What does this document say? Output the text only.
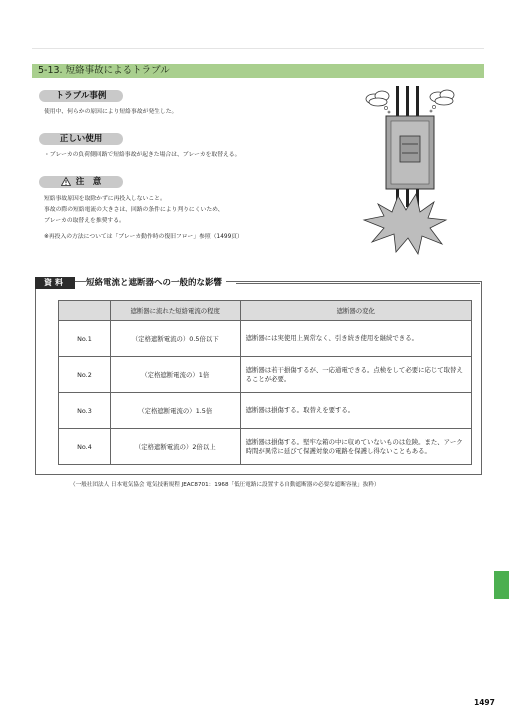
5-13. 短絡事故によるトラブル
トラブル事例
使用中、何らかの原因により短絡事故が発生した。
正しい使用
・ブレーカの負荷側回路で短絡事故が起きた場合は、ブレーカを取替える。
注　意
短絡事故原因を取除かずに再投入しないこと。
事故の際の短絡電流の大きさは、回路の条件により判りにくいため、
ブレーカの取替えを推奨する。
※再投入の方法については「ブレーカ動作時の復旧フロー」参照（1499頁）
資料	短絡電流と遮断器への一般的な影響
	遮断器に流れた短絡電流の程度	遮断器の変化
No.1	（定格遮断電流の）0.5倍以下	遮断器には実使用上異常なく、引き続き使用を継続できる。
No.2	（定格遮断電流の）1倍	遮断器は若干損傷するが、一応通電できる。点検をして必要に応じて取替えることが必要。
No.3	（定格遮断電流の）1.5倍	遮断器は損傷する。取替えを要する。
No.4	（定格遮断電流の）2倍以上	遮断器は損傷する。堅牢な箱の中に収めていないものは危険。また、アーク時間が異常に延びて保護対象の電路を保護し得ないこともある。
（一般社団法人 日本電気協会 電気技術規程 JEAC8701：1968「低圧電路に設置する自動遮断器の必要な遮断容量」抜粋）
1497
